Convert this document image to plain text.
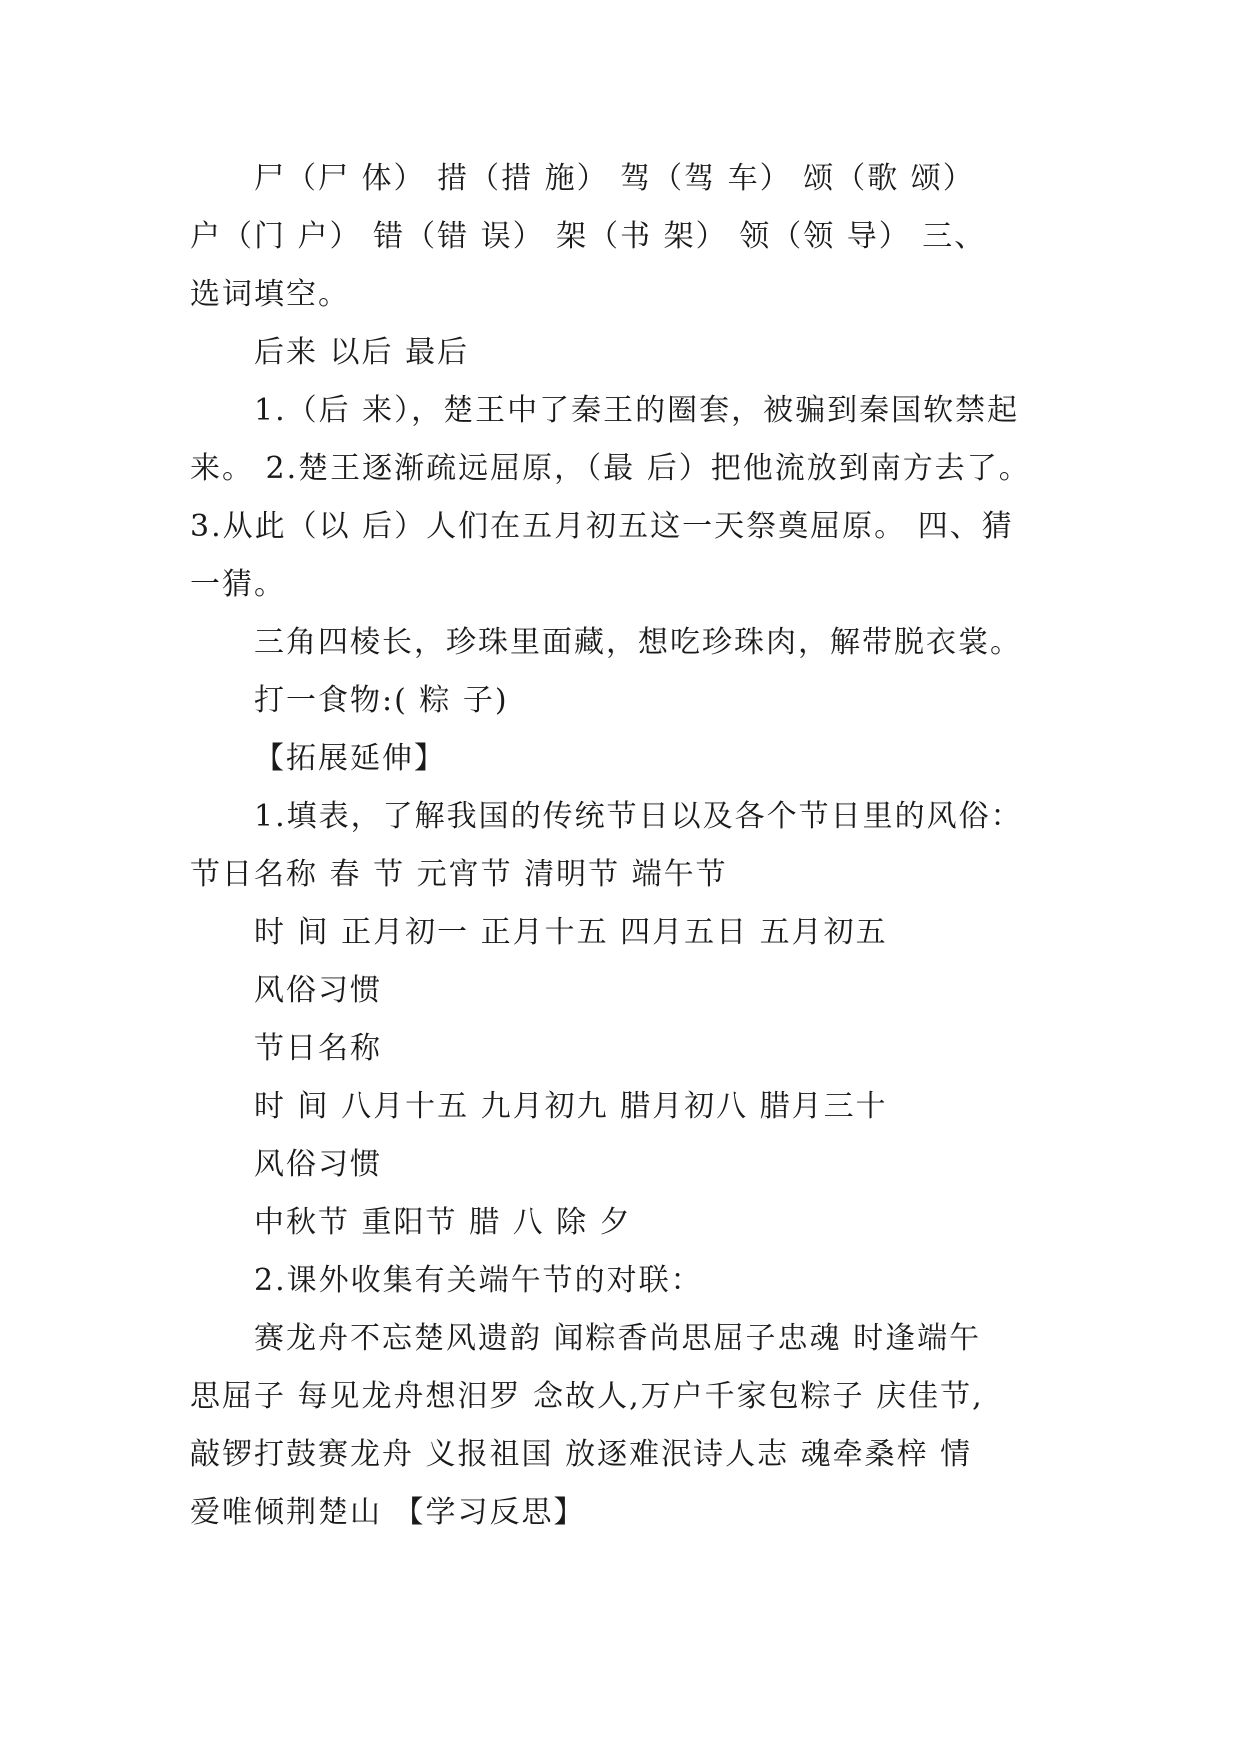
尸（尸 体） 措（措 施） 驾（驾 车） 颂（歌 颂）

户（门 户） 错（错 误） 架（书 架） 领（领 导） 三、

选词填空。

后来 以后 最后

1.（后 来），楚王中了秦王的圈套，被骗到秦国软禁起

来。 2.楚王逐渐疏远屈原，（最 后）把他流放到南方去了。

3.从此（以 后）人们在五月初五这一天祭奠屈原。 四、猜

一猜。

三角四棱长，珍珠里面藏，想吃珍珠肉，解带脱衣裳。

打一食物:( 粽 子)

【拓展延伸】

1.填表，了解我国的传统节日以及各个节日里的风俗：

节日名称 春 节 元宵节 清明节 端午节

时 间 正月初一 正月十五 四月五日 五月初五

风俗习惯

节日名称

时 间 八月十五 九月初九 腊月初八 腊月三十

风俗习惯

中秋节 重阳节 腊 八 除 夕

2.课外收集有关端午节的对联：

赛龙舟不忘楚风遗韵 闻粽香尚思屈子忠魂 时逢端午

思屈子 每见龙舟想汨罗 念故人,万户千家包粽子 庆佳节,

敲锣打鼓赛龙舟 义报祖国 放逐难泯诗人志 魂牵桑梓 情

爱唯倾荆楚山 【学习反思】
